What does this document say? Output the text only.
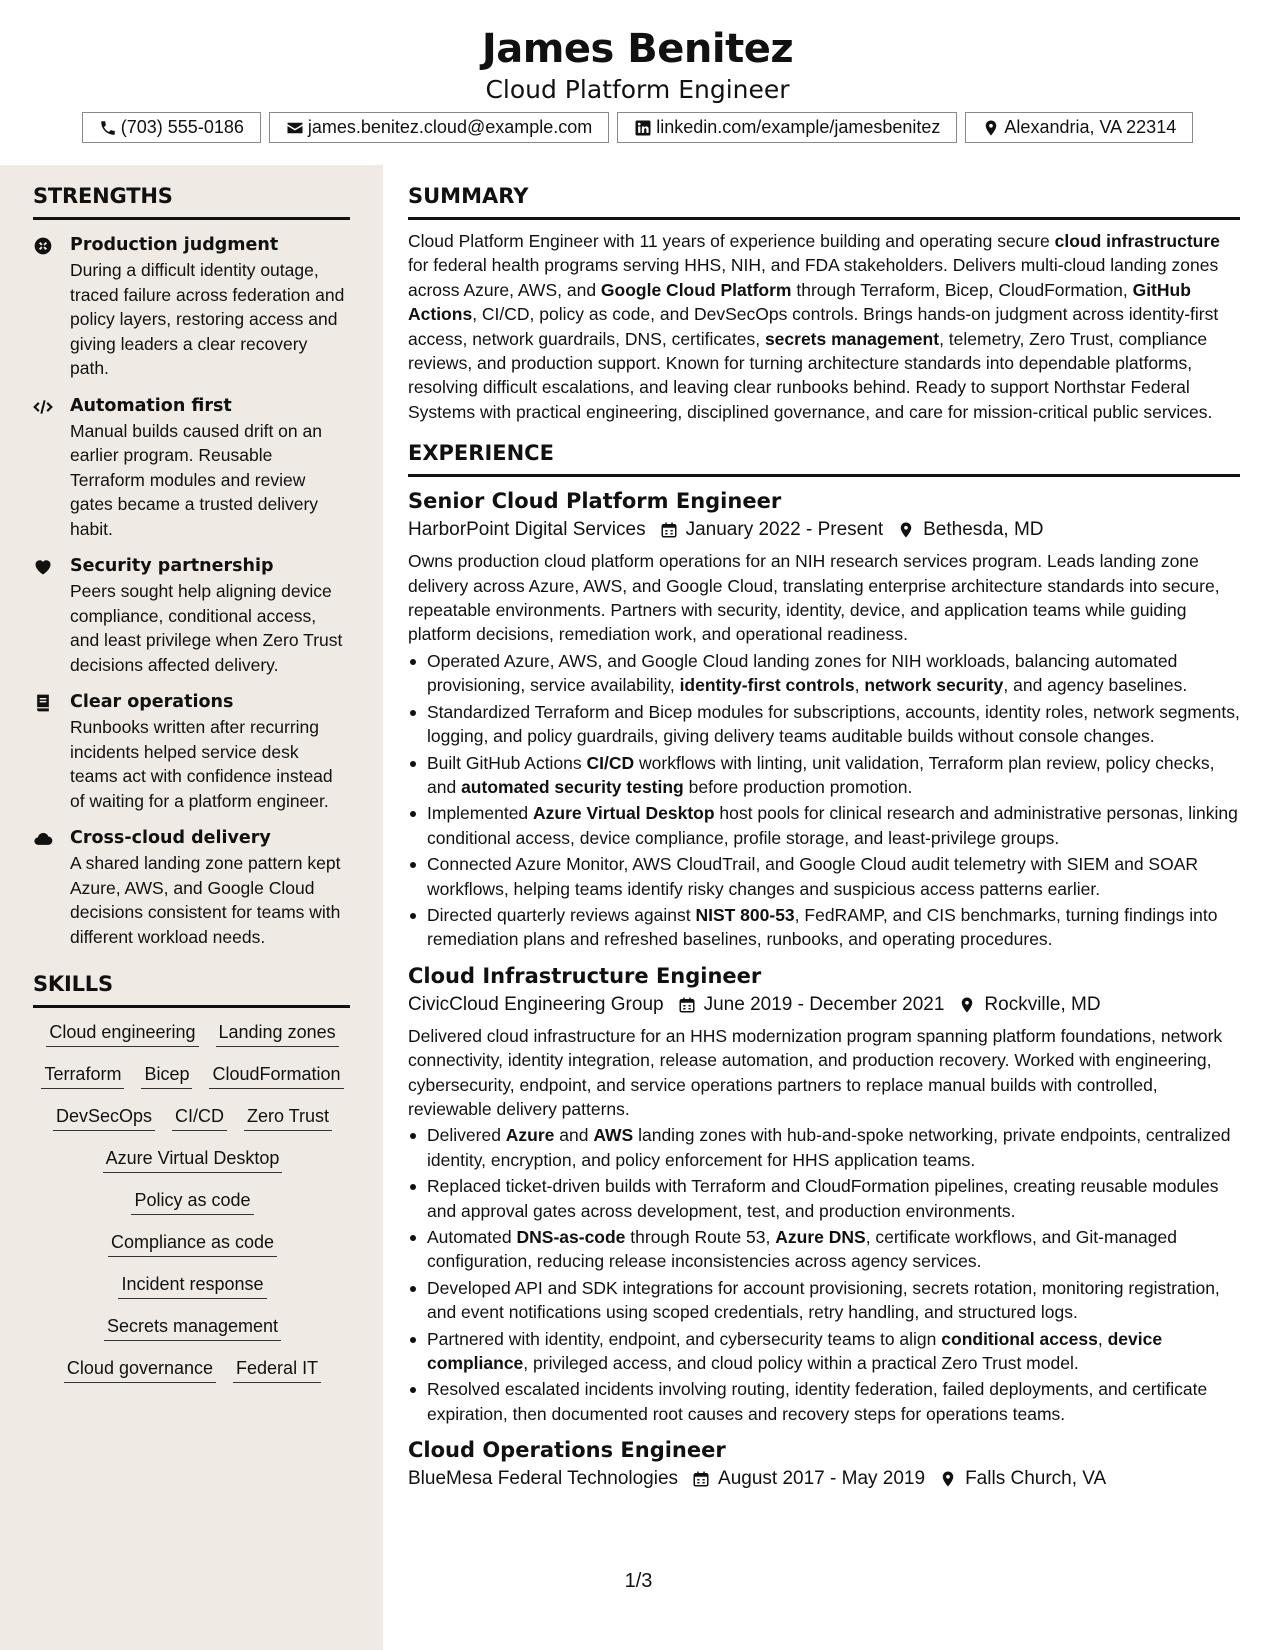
James Benitez
Cloud Platform Engineer
(703) 555-0186	james.benitez.cloud@example.com	linkedin.com/example/jamesbenitez	Alexandria, VA 22314
STRENGTHS
Production judgment
During a difficult identity outage, traced failure across federation and policy layers, restoring access and giving leaders a clear recovery path.
Automation first
Manual builds caused drift on an earlier program. Reusable Terraform modules and review gates became a trusted delivery habit.
Security partnership
Peers sought help aligning device compliance, conditional access, and least privilege when Zero Trust decisions affected delivery.
Clear operations
Runbooks written after recurring incidents helped service desk teams act with confidence instead of waiting for a platform engineer.
Cross-cloud delivery
A shared landing zone pattern kept Azure, AWS, and Google Cloud decisions consistent for teams with different workload needs.
SKILLS
Cloud engineering Landing zones
Terraform Bicep CloudFormation
DevSecOps CI/CD Zero Trust
Azure Virtual Desktop
Policy as code
Compliance as code
Incident response
Secrets management
Cloud governance Federal IT
SUMMARY

Cloud Platform Engineer with 11 years of experience building and operating secure cloud infrastructure for federal health programs serving HHS, NIH, and FDA stakeholders. Delivers multi-cloud landing zones across Azure, AWS, and Google Cloud Platform through Terraform, Bicep, CloudFormation, GitHub Actions, CI/CD, policy as code, and DevSecOps controls. Brings hands-on judgment across identity-first access, network guardrails, DNS, certificates, secrets management, telemetry, Zero Trust, compliance reviews, and production support. Known for turning architecture standards into dependable platforms, resolving difficult escalations, and leaving clear runbooks behind. Ready to support Northstar Federal Systems with practical engineering, disciplined governance, and care for mission-critical public services.

EXPERIENCE
Senior Cloud Platform Engineer
HarborPoint Digital Services January 2022 - Present Bethesda, MD

Owns production cloud platform operations for an NIH research services program. Leads landing zone delivery across Azure, AWS, and Google Cloud, translating enterprise architecture standards into secure, repeatable environments. Partners with security, identity, device, and application teams while guiding platform decisions, remediation work, and operational readiness.

Operated Azure, AWS, and Google Cloud landing zones for NIH workloads, balancing automated provisioning, service availability, identity-first controls, network security, and agency baselines.
Standardized Terraform and Bicep modules for subscriptions, accounts, identity roles, network segments, logging, and policy guardrails, giving delivery teams auditable builds without console changes.
Built GitHub Actions CI/CD workflows with linting, unit validation, Terraform plan review, policy checks, and automated security testing before production promotion.
Implemented Azure Virtual Desktop host pools for clinical research and administrative personas, linking conditional access, device compliance, profile storage, and least-privilege groups.
Connected Azure Monitor, AWS CloudTrail, and Google Cloud audit telemetry with SIEM and SOAR workflows, helping teams identify risky changes and suspicious access patterns earlier.
Directed quarterly reviews against NIST 800-53, FedRAMP, and CIS benchmarks, turning findings into remediation plans and refreshed baselines, runbooks, and operating procedures.
Cloud Infrastructure Engineer
CivicCloud Engineering Group June 2019 - December 2021 Rockville, MD

Delivered cloud infrastructure for an HHS modernization program spanning platform foundations, network connectivity, identity integration, release automation, and production recovery. Worked with engineering, cybersecurity, endpoint, and service operations partners to replace manual builds with controlled, reviewable delivery patterns.

Delivered Azure and AWS landing zones with hub-and-spoke networking, private endpoints, centralized identity, encryption, and policy enforcement for HHS application teams.
Replaced ticket-driven builds with Terraform and CloudFormation pipelines, creating reusable modules and approval gates across development, test, and production environments.
Automated DNS-as-code through Route 53, Azure DNS, certificate workflows, and Git-managed configuration, reducing release inconsistencies across agency services.
Developed API and SDK integrations for account provisioning, secrets rotation, monitoring registration, and event notifications using scoped credentials, retry handling, and structured logs.
Partnered with identity, endpoint, and cybersecurity teams to align conditional access, device compliance, privileged access, and cloud policy within a practical Zero Trust model.
Resolved escalated incidents involving routing, identity federation, failed deployments, and certificate expiration, then documented root causes and recovery steps for operations teams.
Cloud Operations Engineer
BlueMesa Federal Technologies August 2017 - May 2019 Falls Church, VA
1/3
